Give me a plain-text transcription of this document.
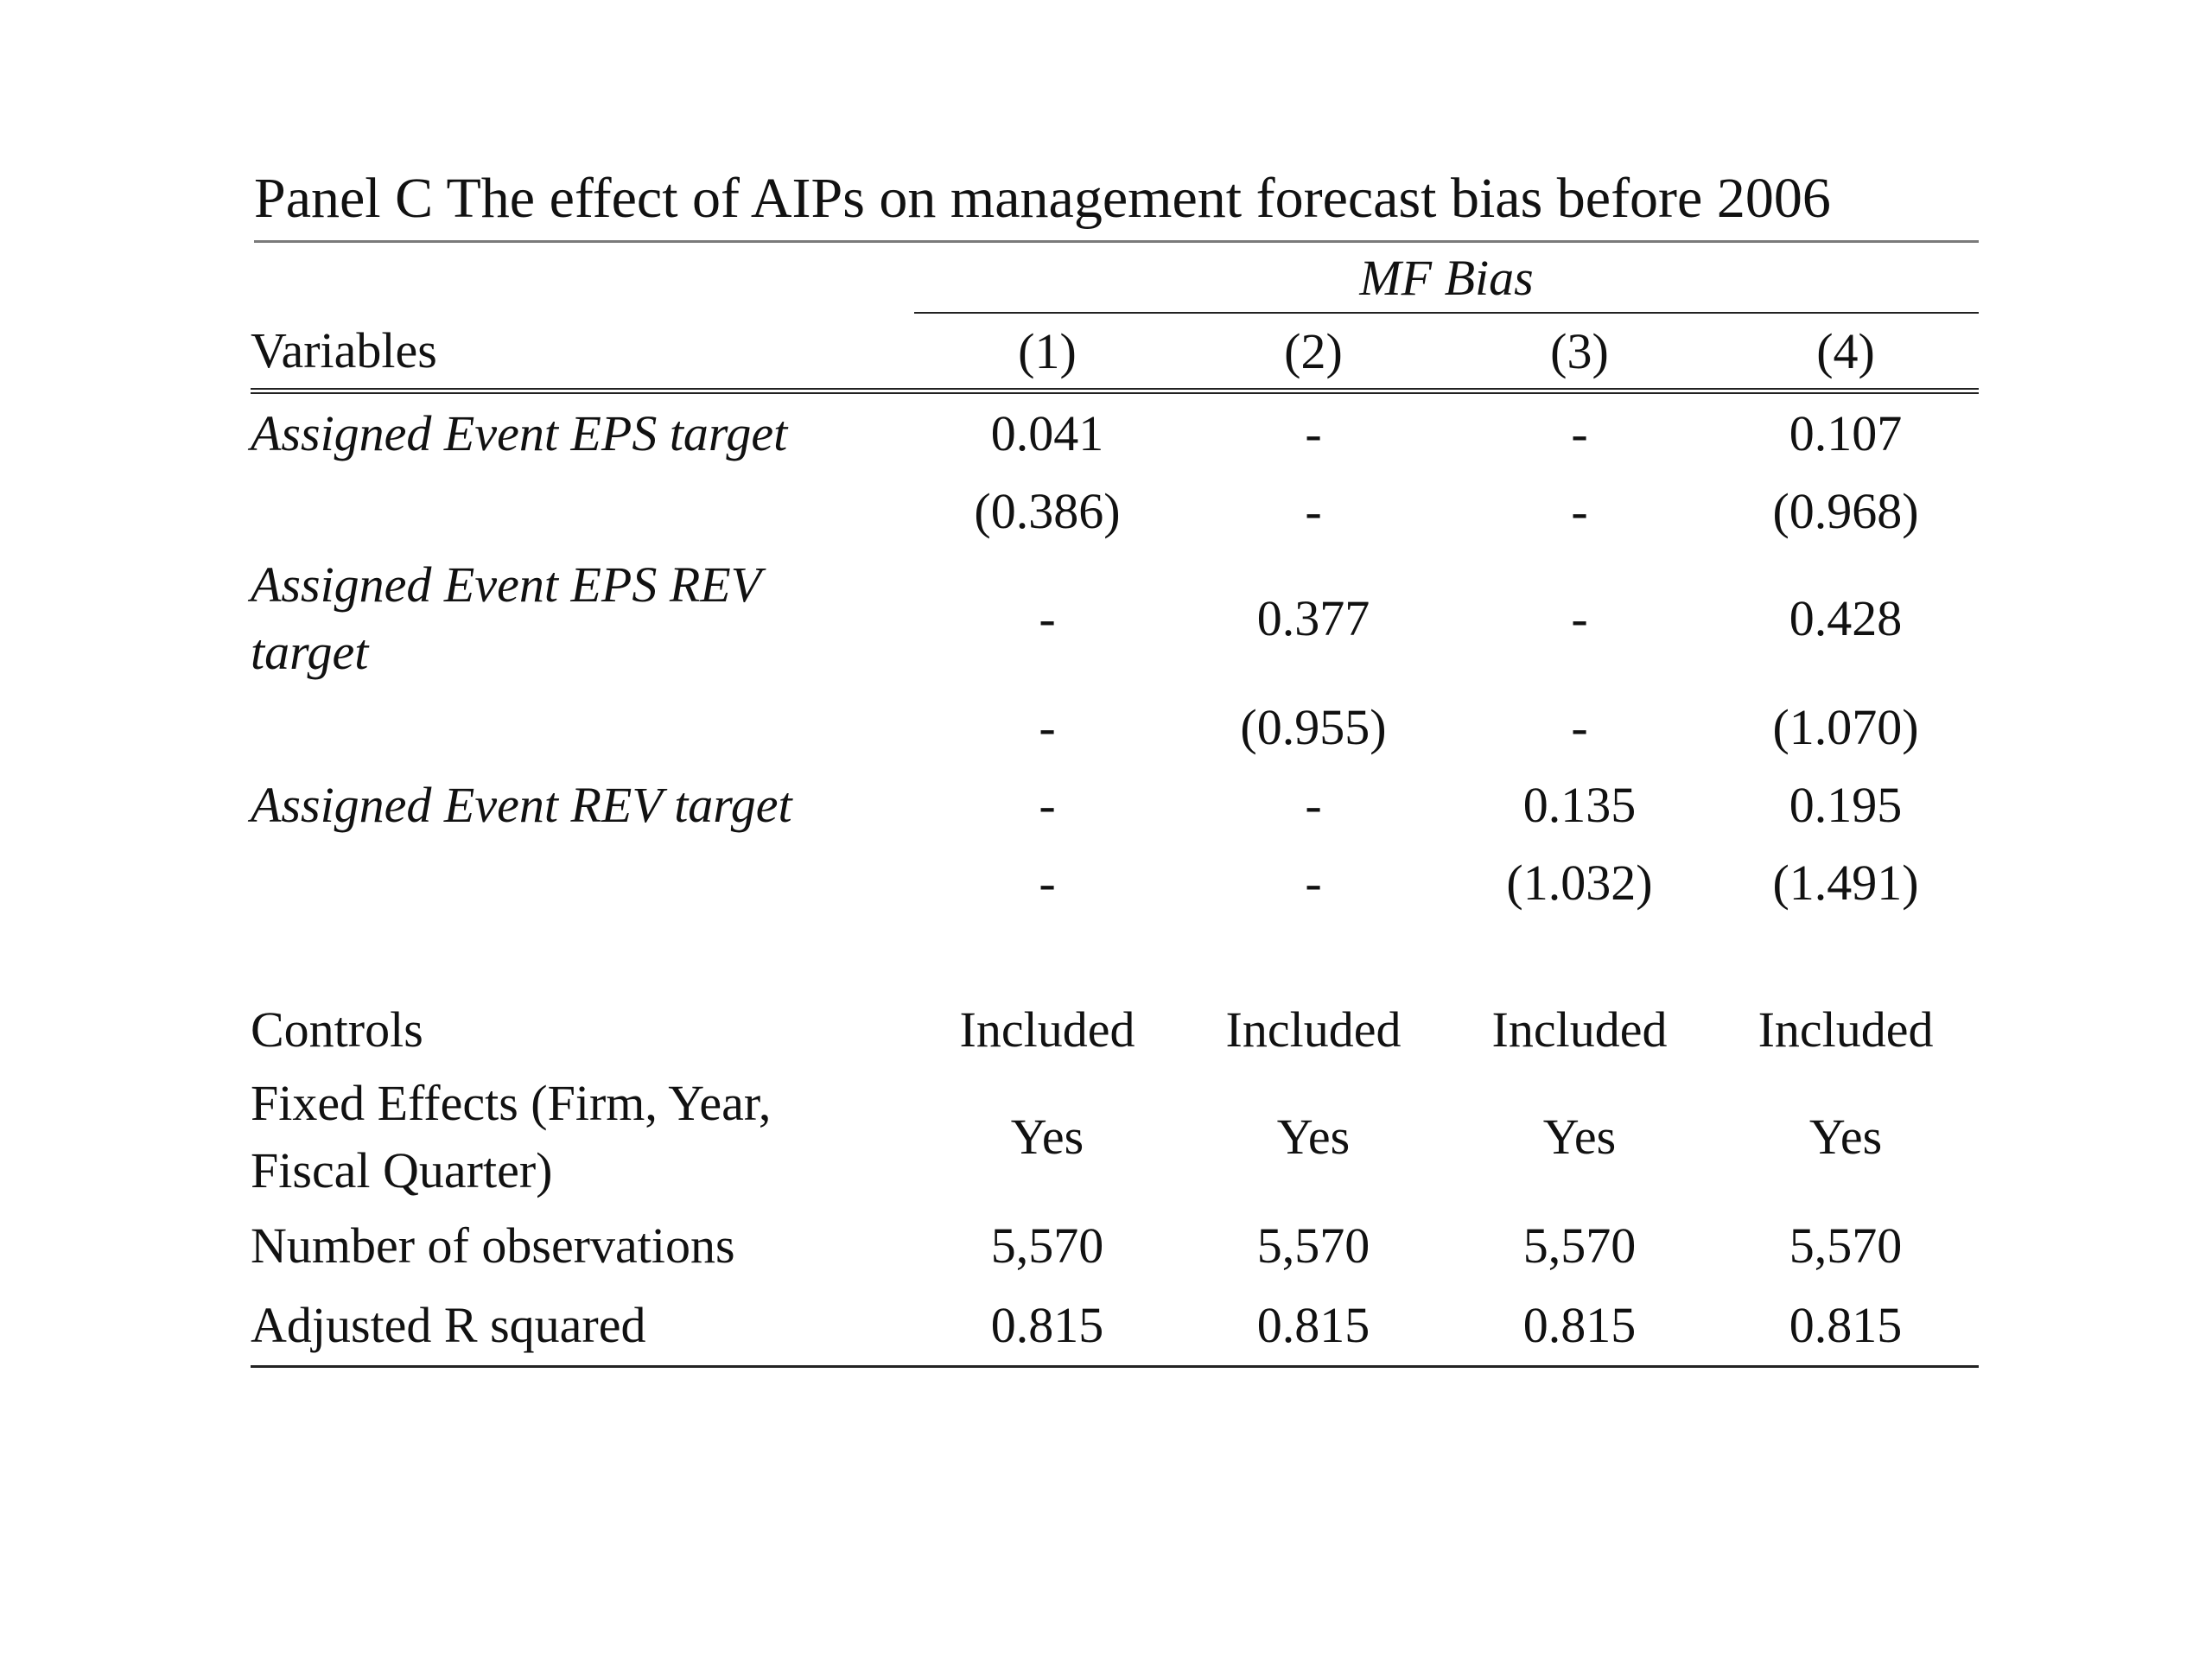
Panel C The effect of AIPs on management forecast bias before 2006
	MF Bias			
Variables	(1)	(2)	(3)	(4)
Assigned Event EPS target	0.041	-	-	0.107
	(0.386)	-	-	(0.968)

Assigned Event EPS REV target	-	0.377	-	0.428
	-	(0.955)	-	(1.070)
Assigned Event REV target	-	-	0.135	0.195
	-	-	(1.032)	(1.491)

Controls	Included	Included	Included	Included

Fixed Effects (Firm, Year, Fiscal Quarter)	Yes	Yes	Yes	Yes
Number of observations	5,570	5,570	5,570	5,570
Adjusted R squared	0.815	0.815	0.815	0.815
